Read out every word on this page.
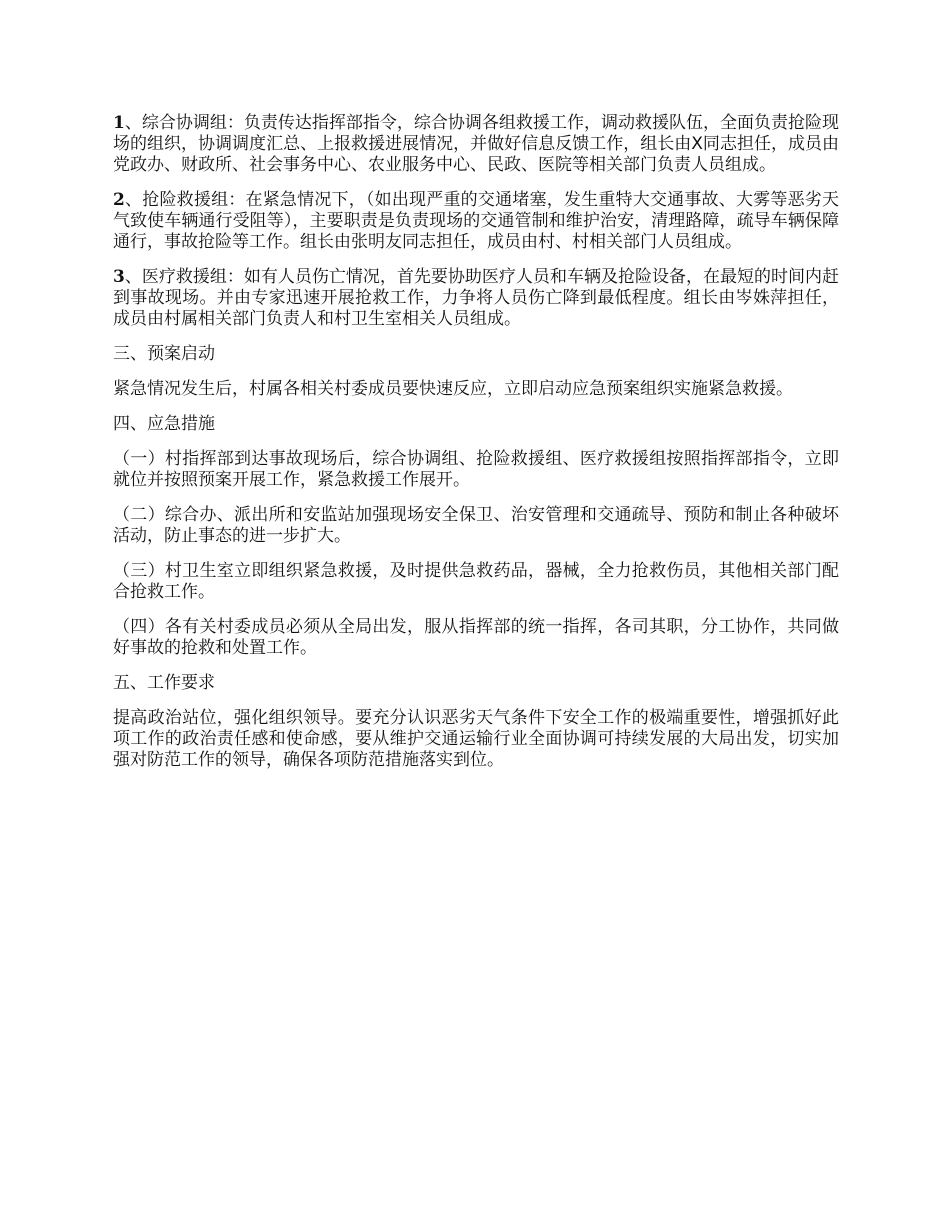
1、综合协调组：负责传达指挥部指令，综合协调各组救援工作，调动救援队伍，全面负责抢险现场的组织，协调调度汇总、上报救援进展情况，并做好信息反馈工作，组长由X同志担任，成员由党政办、财政所、社会事务中心、农业服务中心、民政、医院等相关部门负责人员组成。

2、抢险救援组：在紧急情况下，（如出现严重的交通堵塞，发生重特大交通事故、大雾等恶劣天气致使车辆通行受阻等），主要职责是负责现场的交通管制和维护治安，清理路障，疏导车辆保障通行，事故抢险等工作。组长由张明友同志担任，成员由村、村相关部门人员组成。

3、医疗救援组：如有人员伤亡情况，首先要协助医疗人员和车辆及抢险设备，在最短的时间内赶到事故现场。并由专家迅速开展抢救工作，力争将人员伤亡降到最低程度。组长由岑姝萍担任，成员由村属相关部门负责人和村卫生室相关人员组成。

三、预案启动

紧急情况发生后，村属各相关村委成员要快速反应，立即启动应急预案组织实施紧急救援。

四、应急措施

（一）村指挥部到达事故现场后，综合协调组、抢险救援组、医疗救援组按照指挥部指令，立即就位并按照预案开展工作，紧急救援工作展开。

（二）综合办、派出所和安监站加强现场安全保卫、治安管理和交通疏导、预防和制止各种破坏活动，防止事态的进一步扩大。

（三）村卫生室立即组织紧急救援，及时提供急救药品，器械，全力抢救伤员，其他相关部门配合抢救工作。

（四）各有关村委成员必须从全局出发，服从指挥部的统一指挥，各司其职，分工协作，共同做好事故的抢救和处置工作。

五、工作要求

提高政治站位，强化组织领导。要充分认识恶劣天气条件下安全工作的极端重要性，增强抓好此项工作的政治责任感和使命感，要从维护交通运输行业全面协调可持续发展的大局出发，切实加强对防范工作的领导，确保各项防范措施落实到位。
